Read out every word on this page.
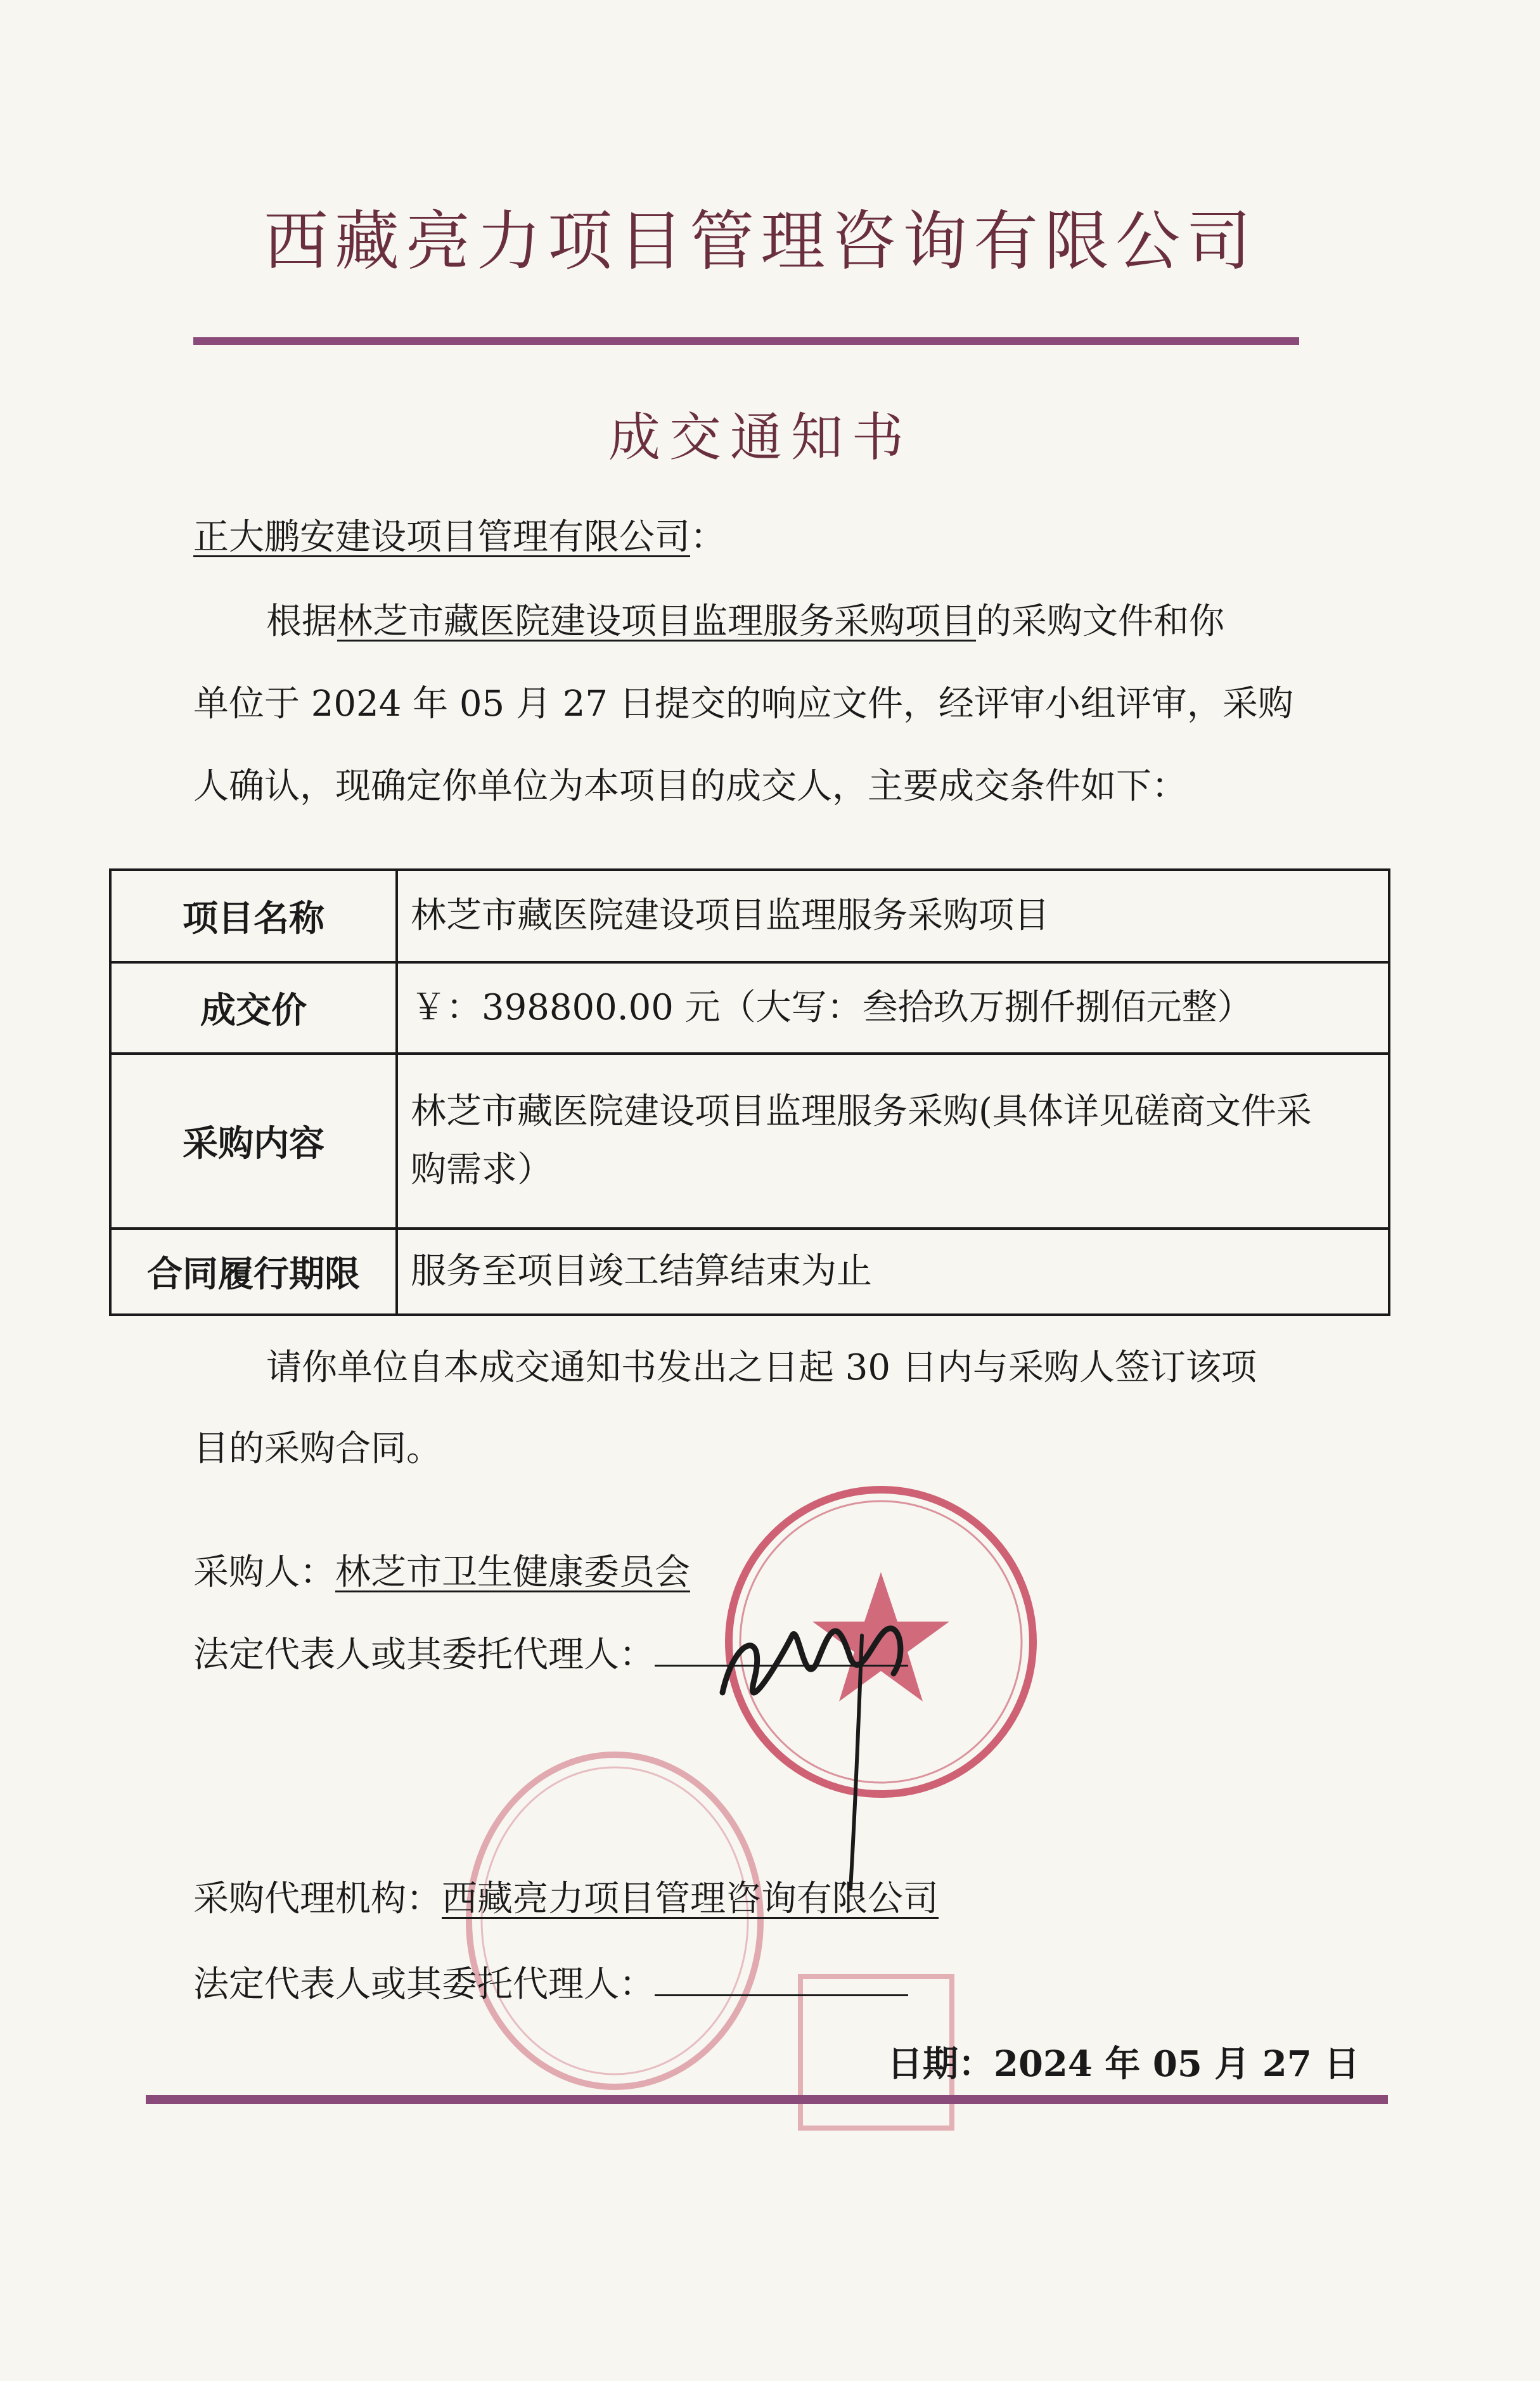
西藏亮力项目管理咨询有限公司
成交通知书
正大鹏安建设项目管理有限公司：
根据林芝市藏医院建设项目监理服务采购项目的采购文件和你
单位于 2024 年 05 月 27 日提交的响应文件，经评审小组评审，采购
人确认，现确定你单位为本项目的成交人，主要成交条件如下：
项目名称	林芝市藏医院建设项目监理服务采购项目
成交价	￥：398800.00 元（大写：叁拾玖万捌仟捌佰元整）
采购内容	林芝市藏医院建设项目监理服务采购(具体详见磋商文件采
购需求）

合同履行期限	服务至项目竣工结算结束为止
请你单位自本成交通知书发出之日起 30 日内与采购人签订该项
目的采购合同。
采购人：林芝市卫生健康委员会
法定代表人或其委托代理人：
采购代理机构：西藏亮力项目管理咨询有限公司
法定代表人或其委托代理人：
日期：2024 年 05 月 27 日
